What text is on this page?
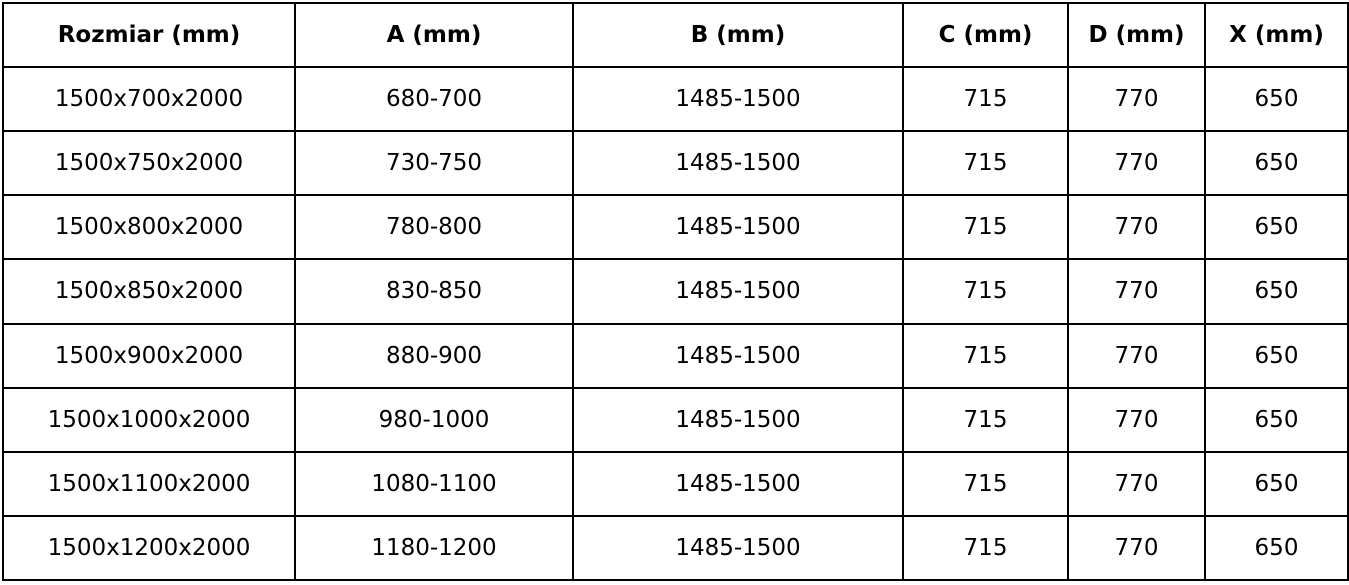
Rozmiar (mm)	A (mm)	B (mm)	C (mm)	D (mm)	X (mm)
1500x700x2000	680-700	1485-1500	715	770	650
1500x750x2000	730-750	1485-1500	715	770	650
1500x800x2000	780-800	1485-1500	715	770	650
1500x850x2000	830-850	1485-1500	715	770	650
1500x900x2000	880-900	1485-1500	715	770	650
1500x1000x2000	980-1000	1485-1500	715	770	650
1500x1100x2000	1080-1100	1485-1500	715	770	650
1500x1200x2000	1180-1200	1485-1500	715	770	650
